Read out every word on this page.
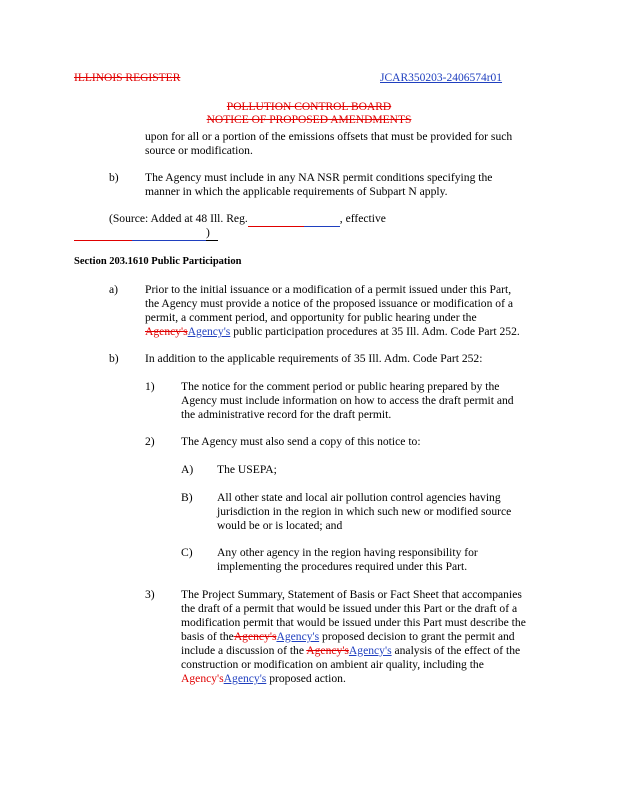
ILLINOIS REGISTER	JCAR350203-2406574r01
POLLUTION CONTROL BOARD
NOTICE OF PROPOSED AMENDMENTS
upon for all or a portion of the emissions offsets that must be provided for such
source or modification.
b) The Agency must include in any NA NSR permit conditions specifying the
manner in which the applicable requirements of Subpart N apply.
(Source: Added at 48 Ill. Reg.	, effective
)
Section 203.1610 Public Participation
a) Prior to the initial issuance or a modification of a permit issued under this Part,
the Agency must provide a notice of the proposed issuance or modification of a
permit, a comment period, and opportunity for public hearing under the
Agency'sAgency's public participation procedures at 35 Ill. Adm. Code Part 252.
b) In addition to the applicable requirements of 35 Ill. Adm. Code Part 252:
1) The notice for the comment period or public hearing prepared by the
Agency must include information on how to access the draft permit and
the administrative record for the draft permit.
2) The Agency must also send a copy of this notice to:
A) The USEPA;
B) All other state and local air pollution control agencies having
jurisdiction in the region in which such new or modified source
would be or is located; and
C) Any other agency in the region having responsibility for
implementing the procedures required under this Part.
3) The Project Summary, Statement of Basis or Fact Sheet that accompanies
the draft of a permit that would be issued under this Part or the draft of a
modification permit that would be issued under this Part must describe the
basis of theAgency'sAgency's proposed decision to grant the permit and
include a discussion of the Agency'sAgency's analysis of the effect of the
construction or modification on ambient air quality, including the
Agency'sAgency's proposed action.
